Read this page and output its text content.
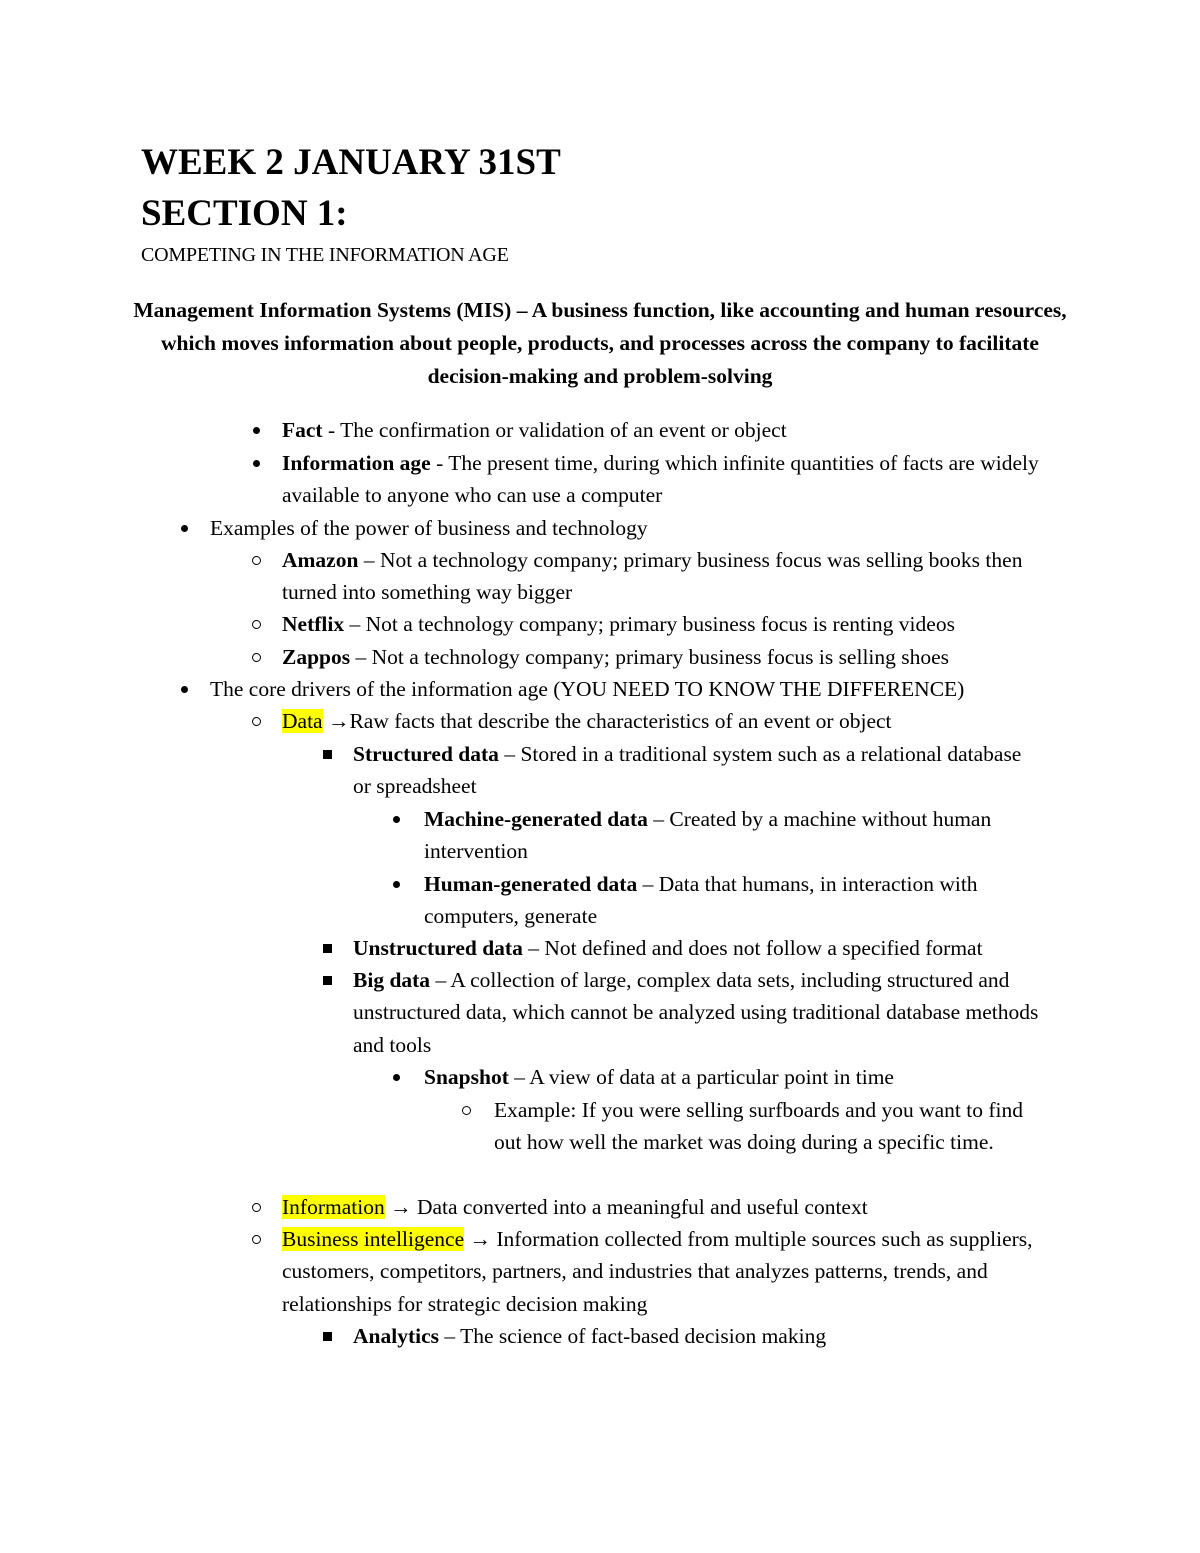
WEEK 2 JANUARY 31ST
SECTION 1:
COMPETING IN THE INFORMATION AGE
Management Information Systems (MIS) – A business function, like accounting and human resources, which moves information about people, products, and processes across the company to facilitate decision-making and problem-solving
Fact - The confirmation or validation of an event or object
Information age - The present time, during which infinite quantities of facts are widely available to anyone who can use a computer
Examples of the power of business and technology
Amazon – Not a technology company; primary business focus was selling books then turned into something way bigger
Netflix – Not a technology company; primary business focus is renting videos
Zappos – Not a technology company; primary business focus is selling shoes
The core drivers of the information age (YOU NEED TO KNOW THE DIFFERENCE)
Data →Raw facts that describe the characteristics of an event or object
Structured data – Stored in a traditional system such as a relational database or spreadsheet
Machine-generated data – Created by a machine without human intervention
Human-generated data – Data that humans, in interaction with computers, generate
Unstructured data – Not defined and does not follow a specified format
Big data – A collection of large, complex data sets, including structured and unstructured data, which cannot be analyzed using traditional database methods and tools
Snapshot – A view of data at a particular point in time
Example: If you were selling surfboards and you want to find out how well the market was doing during a specific time.
Information → Data converted into a meaningful and useful context
Business intelligence → Information collected from multiple sources such as suppliers, customers, competitors, partners, and industries that analyzes patterns, trends, and relationships for strategic decision making
Analytics – The science of fact-based decision making
